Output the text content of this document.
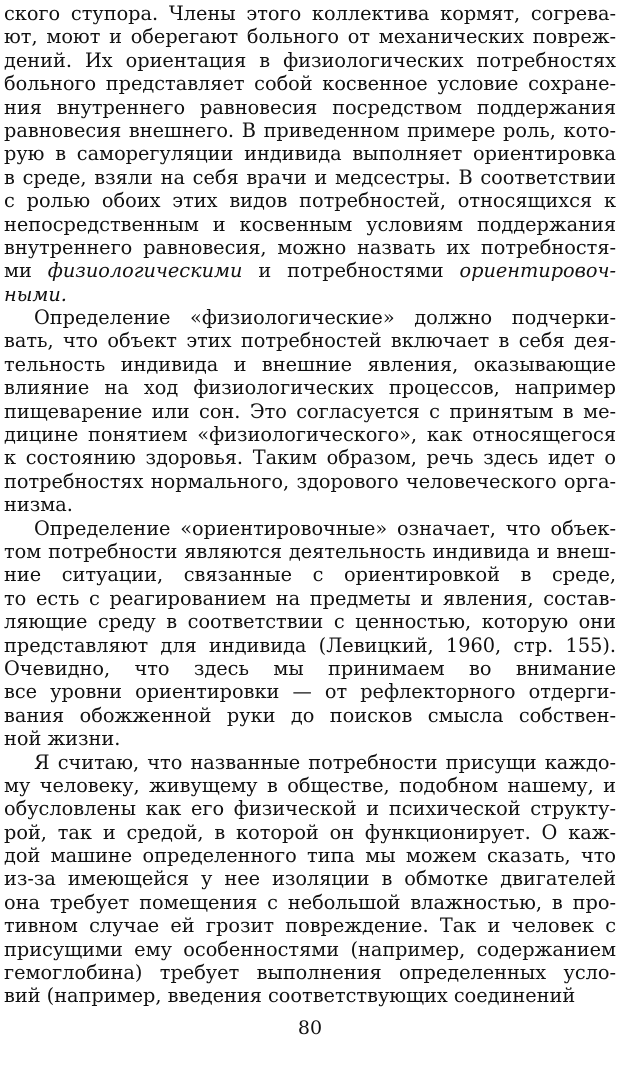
ского ступора. Члены этого коллектива кормят, согрева-
ют, моют и оберегают больного от механических повреж-
дений. Их ориентация в физиологических потребностях
больного представляет собой косвенное условие сохране-
ния внутреннего равновесия посредством поддержания
равновесия внешнего. В приведенном примере роль, кото-
рую в саморегуляции индивида выполняет ориентировка
в среде, взяли на себя врачи и медсестры. В соответствии
с ролью обоих этих видов потребностей, относящихся к
непосредственным и косвенным условиям поддержания
внутреннего равновесия, можно назвать их потребностя-
ми физиологическими и потребностями ориентировоч-
ными.
Определение «физиологические» должно подчерки-
вать, что объект этих потребностей включает в себя дея-
тельность индивида и внешние явления, оказывающие
влияние на ход физиологических процессов, например
пищеварение или сон. Это согласуется с принятым в ме-
дицине понятием «физиологического», как относящегося
к состоянию здоровья. Таким образом, речь здесь идет о
потребностях нормального, здорового человеческого орга-
низма.
Определение «ориентировочные» означает, что объек-
том потребности являются деятельность индивида и внеш-
ние ситуации, связанные с ориентировкой в среде,
то есть с реагированием на предметы и явления, состав-
ляющие среду в соответствии с ценностью, которую они
представляют для индивида (Левицкий, 1960, стр. 155).
Очевидно, что здесь мы принимаем во внимание
все уровни ориентировки — от рефлекторного отдерги-
вания обожженной руки до поисков смысла собствен-
ной жизни.
Я считаю, что названные потребности присущи каждо-
му человеку, живущему в обществе, подобном нашему, и
обусловлены как его физической и психической структу-
рой, так и средой, в которой он функционирует. О каж-
дой машине определенного типа мы можем сказать, что
из-за имеющейся у нее изоляции в обмотке двигателей
она требует помещения с небольшой влажностью, в про-
тивном случае ей грозит повреждение. Так и человек с
присущими ему особенностями (например, содержанием
гемоглобина) требует выполнения определенных усло-
вий (например, введения соответствующих соединений
80
